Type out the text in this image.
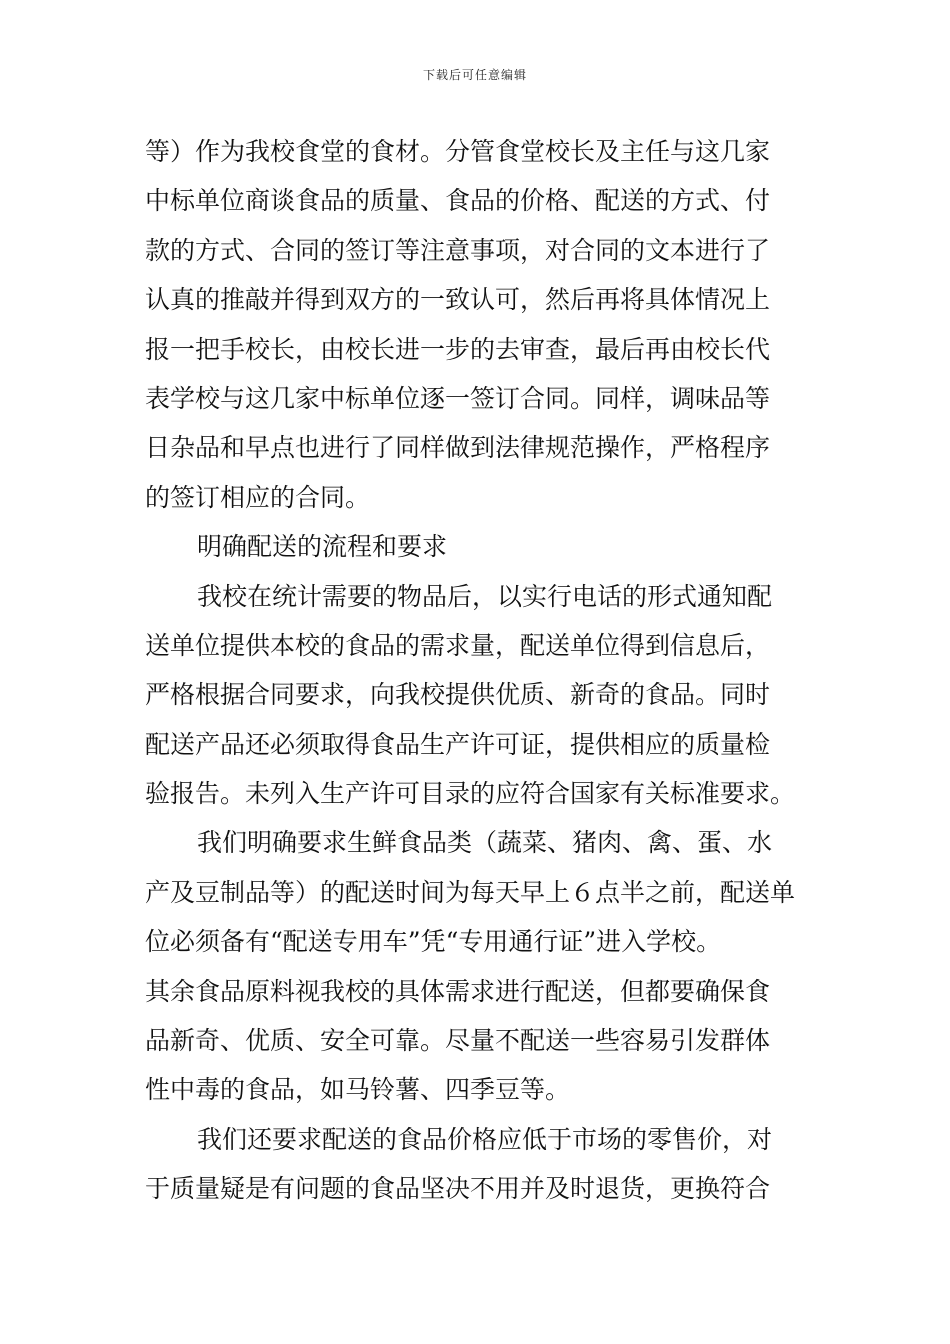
下载后可任意编辑
等）作为我校食堂的食材。分管食堂校长及主任与这几家
中标单位商谈食品的质量、食品的价格、配送的方式、付
款的方式、合同的签订等注意事项，对合同的文本进行了
认真的推敲并得到双方的一致认可，然后再将具体情况上
报一把手校长，由校长进一步的去审查，最后再由校长代
表学校与这几家中标单位逐一签订合同。同样，调味品等
日杂品和早点也进行了同样做到法律规范操作，严格程序
的签订相应的合同。
明确配送的流程和要求
我校在统计需要的物品后，以实行电话的形式通知配
送单位提供本校的食品的需求量，配送单位得到信息后，
严格根据合同要求，向我校提供优质、新奇的食品。同时
配送产品还必须取得食品生产许可证，提供相应的质量检
验报告。未列入生产许可目录的应符合国家有关标准要求。
我们明确要求生鲜食品类（蔬菜、猪肉、禽、蛋、水
产及豆制品等）的配送时间为每天早上６点半之前，配送单
位必须备有“配送专用车”凭“专用通行证”进入学校。
其余食品原料视我校的具体需求进行配送，但都要确保食
品新奇、优质、安全可靠。尽量不配送一些容易引发群体
性中毒的食品，如马铃薯、四季豆等。
我们还要求配送的食品价格应低于市场的零售价，对
于质量疑是有问题的食品坚决不用并及时退货，更换符合
